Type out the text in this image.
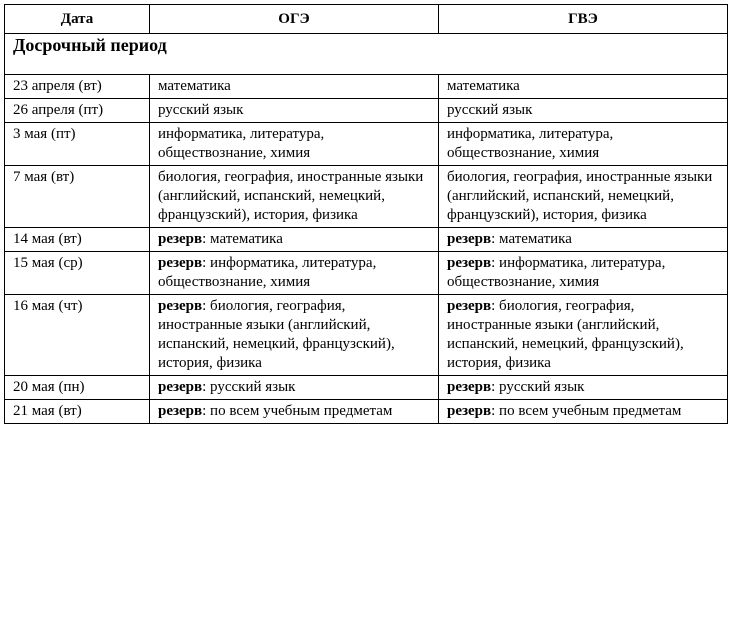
Дата	ОГЭ	ГВЭ
Досрочный период		
23 апреля (вт)	математика	математика
26 апреля (пт)	русский язык	русский язык
3 мая (пт)	информатика, литература, обществознание, химия	информатика, литература, обществознание, химия
7 мая (вт)	биология, география, иностранные языки (английский, испанский, немецкий, французский), история, физика	биология, география, иностранные языки (английский, испанский, немецкий, французский), история, физика
14 мая (вт)	резерв: математика	резерв: математика
15 мая (ср)	резерв: информатика, литература, обществознание, химия	резерв: информатика, литература, обществознание, химия
16 мая (чт)	резерв: биология, география, иностранные языки (английский, испанский, немецкий, французский), история, физика	резерв: биология, география, иностранные языки (английский, испанский, немецкий, французский), история, физика
20 мая (пн)	резерв: русский язык	резерв: русский язык
21 мая (вт)	резерв: по всем учебным предметам	резерв: по всем учебным предметам
